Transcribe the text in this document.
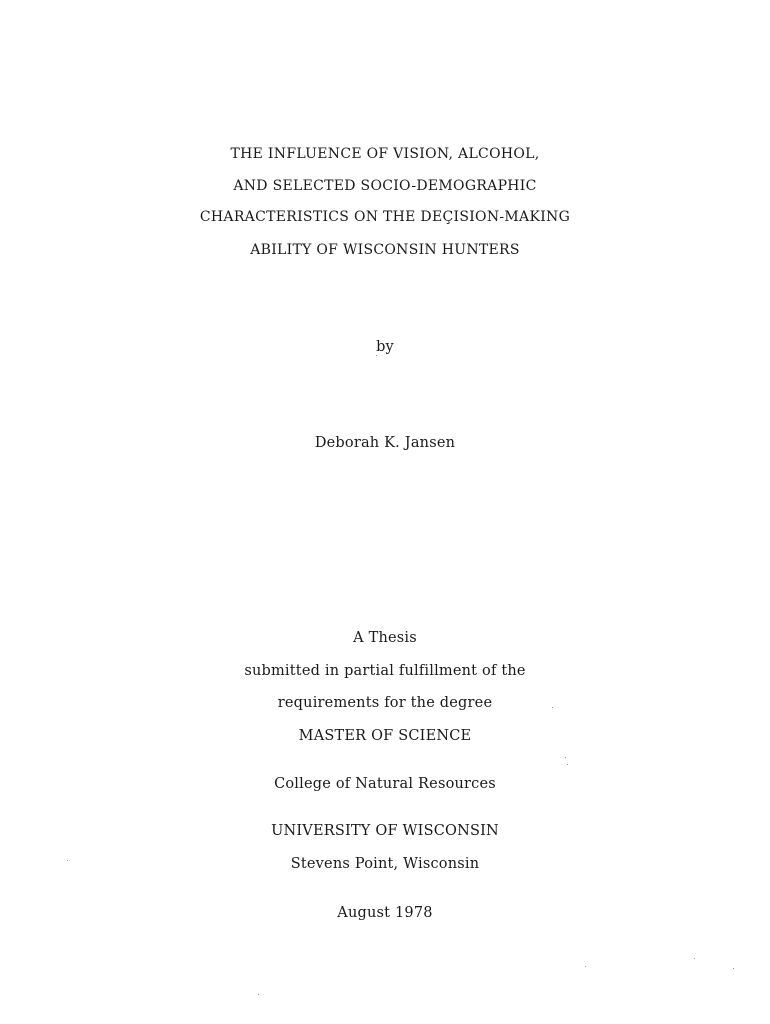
THE INFLUENCE OF VISION, ALCOHOL,
AND SELECTED SOCIO-DEMOGRAPHIC
CHARACTERISTICS ON THE DEÇISION-MAKING
ABILITY OF WISCONSIN HUNTERS
by
Deborah K. Jansen
A Thesis
submitted in partial fulfillment of the
requirements for the degree
MASTER OF SCIENCE
College of Natural Resources
UNIVERSITY OF WISCONSIN
Stevens Point, Wisconsin
August 1978
